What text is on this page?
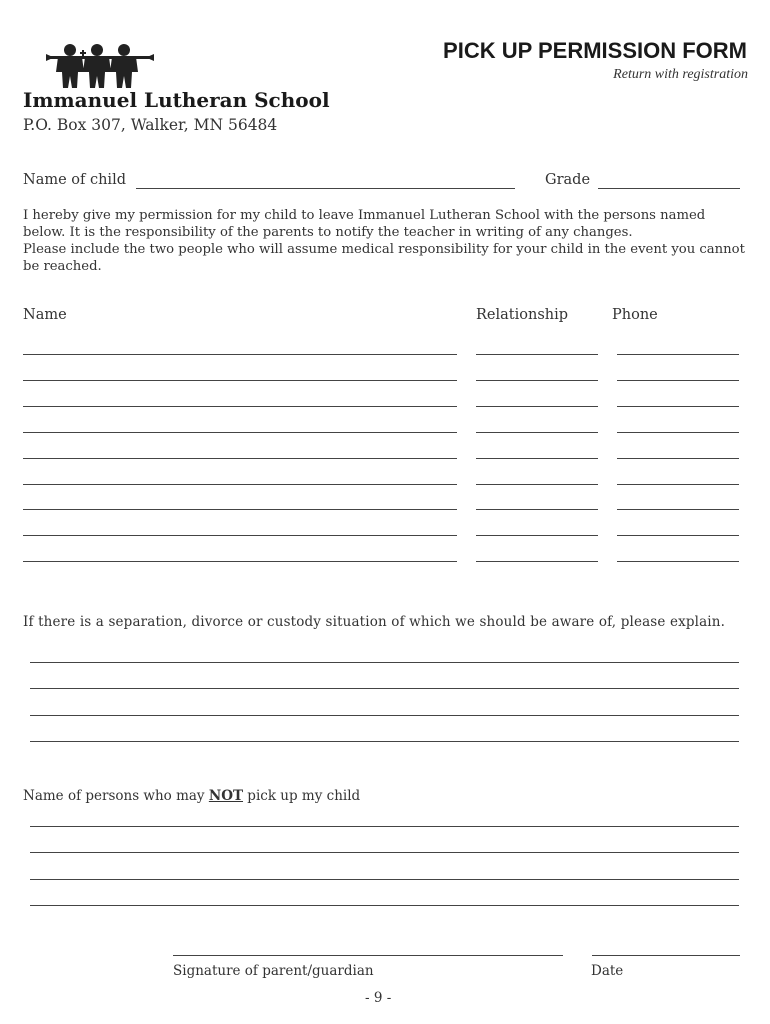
PICK UP PERMISSION FORM
Return with registration
Immanuel Lutheran School
P.O. Box 307, Walker, MN 56484
Name of child	Grade

I hereby give my permission for my child to leave Immanuel Lutheran School with the persons named below. It is the responsibility of the parents to notify the teacher in writing of any changes.

Please include the two people who will assume medical responsibility for your child in the event you cannot be reached.

Name	Relationship	Phone
If there is a separation, divorce or custody situation of which we should be aware of, please explain.
Name of persons who may NOT pick up my child
Signature of parent/guardian	Date
- 9 -
